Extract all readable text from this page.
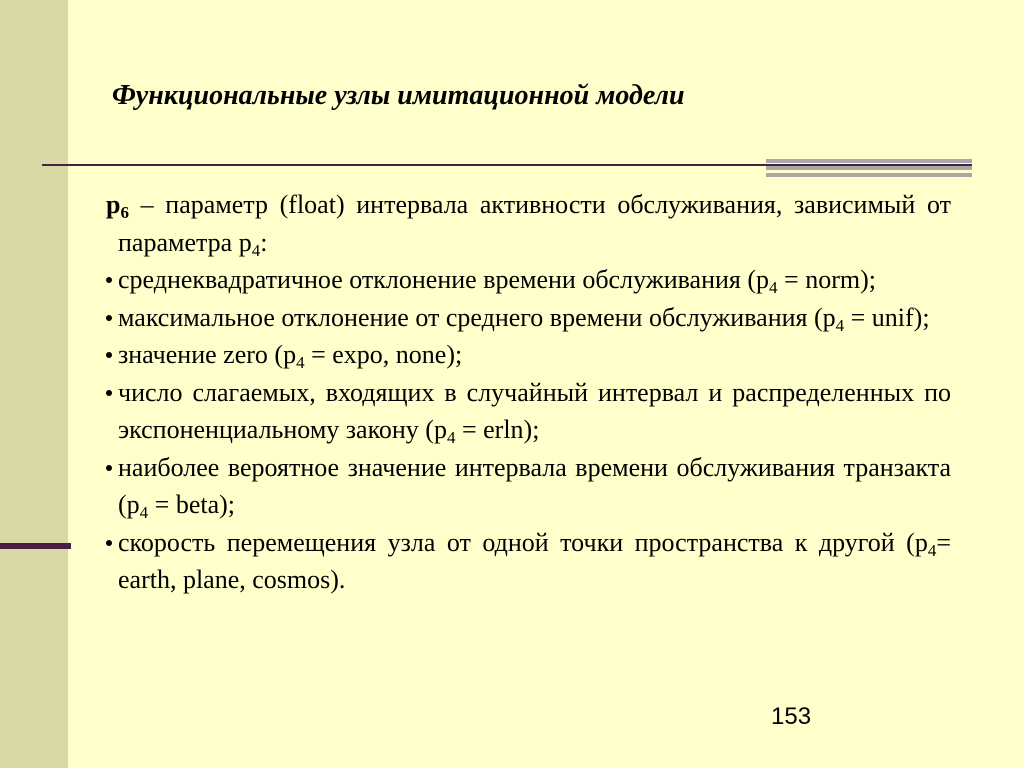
Функциональные узлы имитационной модели
$p_6$ – параметр (float) интервала активности обслуживания, зависимый от параметра $p_4$:
среднеквадратичное отклонение времени обслуживания ($p_4$ = norm);
максимальное отклонение от среднего времени обслуживания ($p_4$ = unif);
значение zero ($p_4 = \exp o$, none);
число слагаемых, входящих в случайный интервал и распределенных по экспоненциальному закону $(p_4 = erln)$;
наиболее вероятное значение интервала времени обслуживания транзакта ($p_4$ = beta);
скорость перемещения узла от одной точки пространства к другой ($p_4=$ earth, plane, cosmos).
153
